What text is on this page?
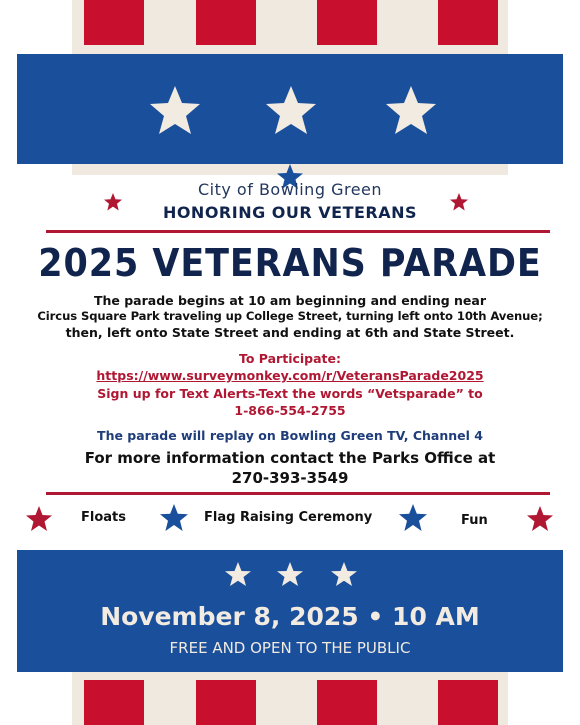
City of Bowling Green
HONORING OUR VETERANS
2025 VETERANS PARADE
The parade begins at 10 am beginning and ending near
Circus Square Park traveling up College Street, turning left onto 10th Avenue;
then, left onto State Street and ending at 6th and State Street.
To Participate:
https://www.surveymonkey.com/r/VeteransParade2025
Sign up for Text Alerts-Text the words “Vetsparade” to
1-866-554-2755
The parade will replay on Bowling Green TV, Channel 4
For more information contact the Parks Office at
270-393-3549
Floats	Flag Raising Ceremony	Fun
November 8, 2025 • 10 AM
FREE AND OPEN TO THE PUBLIC
